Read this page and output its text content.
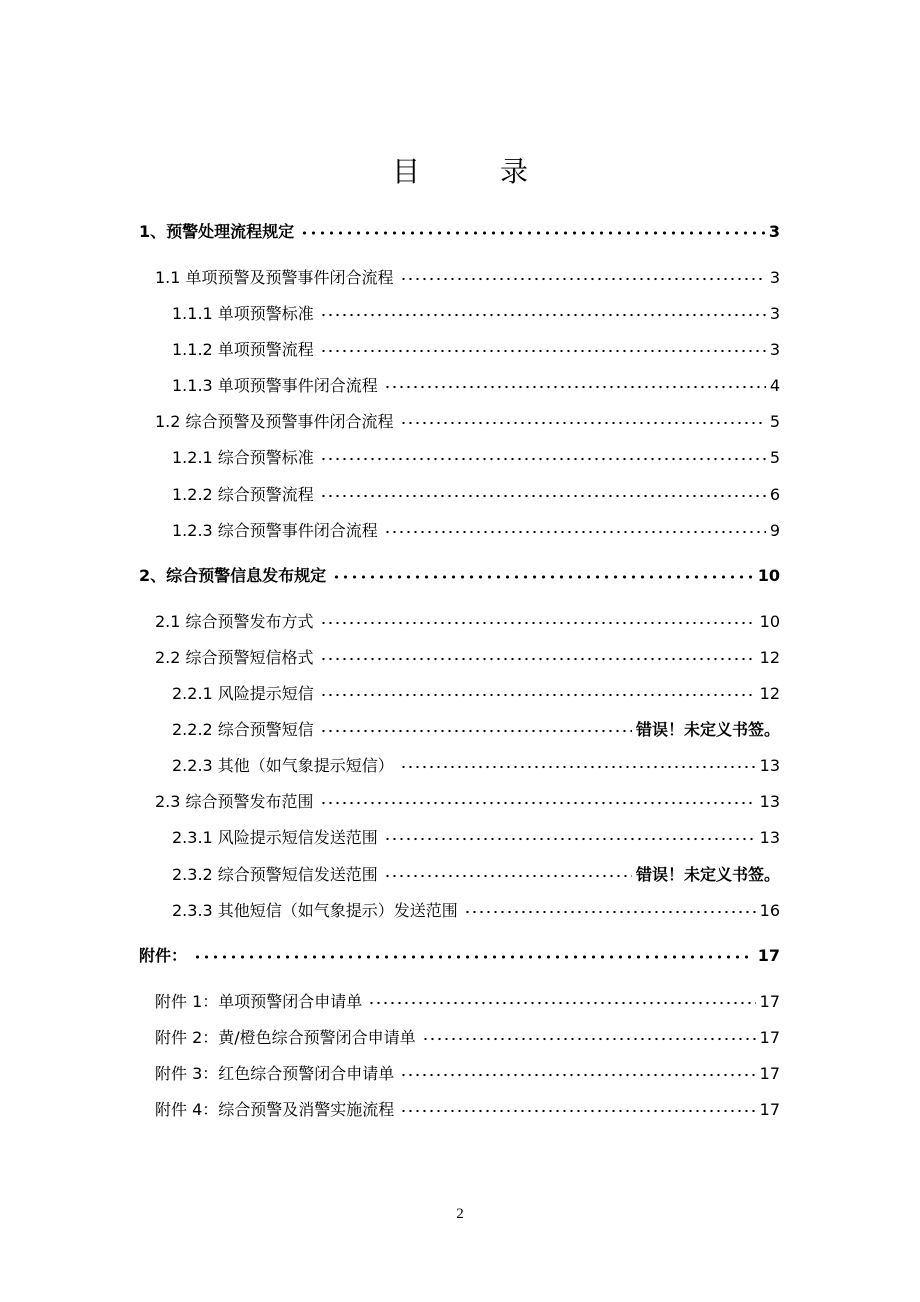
目　录
1、预警处理流程规定	3
1.1 单项预警及预警事件闭合流程	3
1.1.1 单项预警标准	3
1.1.2 单项预警流程	3
1.1.3 单项预警事件闭合流程	4
1.2 综合预警及预警事件闭合流程	5
1.2.1 综合预警标准	5
1.2.2 综合预警流程	6
1.2.3 综合预警事件闭合流程	9
2、综合预警信息发布规定	10
2.1 综合预警发布方式	10
2.2 综合预警短信格式	12
2.2.1 风险提示短信	12
2.2.2 综合预警短信	错误！未定义书签。
2.2.3 其他（如气象提示短信）	13
2.3 综合预警发布范围	13
2.3.1 风险提示短信发送范围	13
2.3.2 综合预警短信发送范围	错误！未定义书签。
2.3.3 其他短信（如气象提示）发送范围	16
附件：	17
附件 1：单项预警闭合申请单	17
附件 2：黄/橙色综合预警闭合申请单	17
附件 3：红色综合预警闭合申请单	17
附件 4：综合预警及消警实施流程	17
2
